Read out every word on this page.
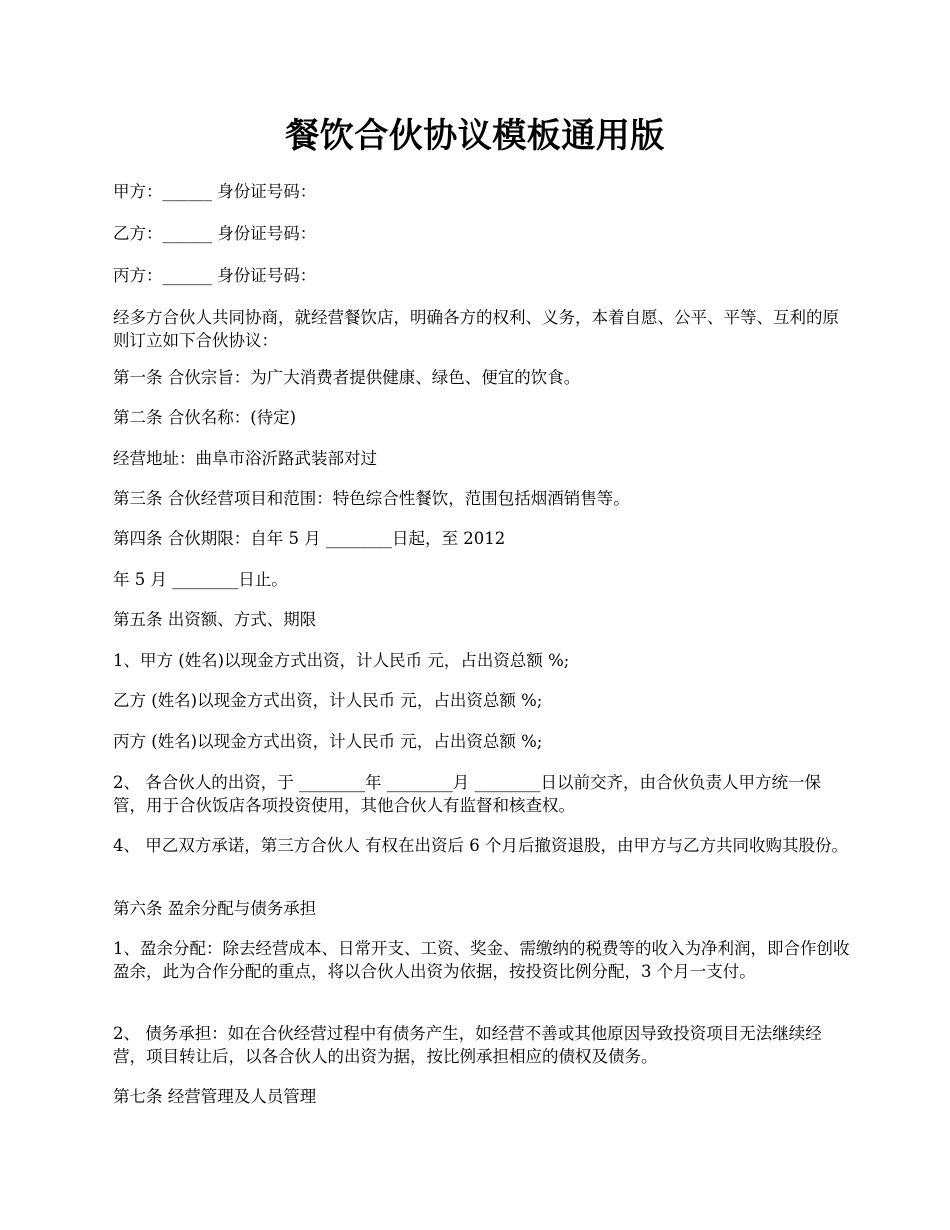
餐饮合伙协议模板通用版

甲方：______ 身份证号码：

乙方：______ 身份证号码：

丙方：______ 身份证号码：

经多方合伙人共同协商，就经营餐饮店，明确各方的权利、义务，本着自愿、公平、平等、互利的原则订立如下合伙协议：

第一条 合伙宗旨：为广大消费者提供健康、绿色、便宜的饮食。

第二条 合伙名称：(待定)

经营地址：曲阜市浴沂路武装部对过

第三条 合伙经营项目和范围：特色综合性餐饮，范围包括烟酒销售等。

第四条 合伙期限：自年 5 月 ________日起，至 2012

年 5 月 ________日止。

第五条 出资额、方式、期限

1、甲方 (姓名)以现金方式出资，计人民币 元，占出资总额 %;

乙方 (姓名)以现金方式出资，计人民币 元，占出资总额 %;

丙方 (姓名)以现金方式出资，计人民币 元，占出资总额 %;

2、 各合伙人的出资，于 ________年 ________月 ________日以前交齐，由合伙负责人甲方统一保管，用于合伙饭店各项投资使用，其他合伙人有监督和核查权。

4、 甲乙双方承诺，第三方合伙人 有权在出资后 6 个月后撤资退股，由甲方与乙方共同收购其股份。

第六条 盈余分配与债务承担

1、盈余分配：除去经营成本、日常开支、工资、奖金、需缴纳的税费等的收入为净利润，即合作创收盈余，此为合作分配的重点，将以合伙人出资为依据，按投资比例分配，3 个月一支付。

2、 债务承担：如在合伙经营过程中有债务产生，如经营不善或其他原因导致投资项目无法继续经营，项目转让后，以各合伙人的出资为据，按比例承担相应的债权及债务。

第七条 经营管理及人员管理
